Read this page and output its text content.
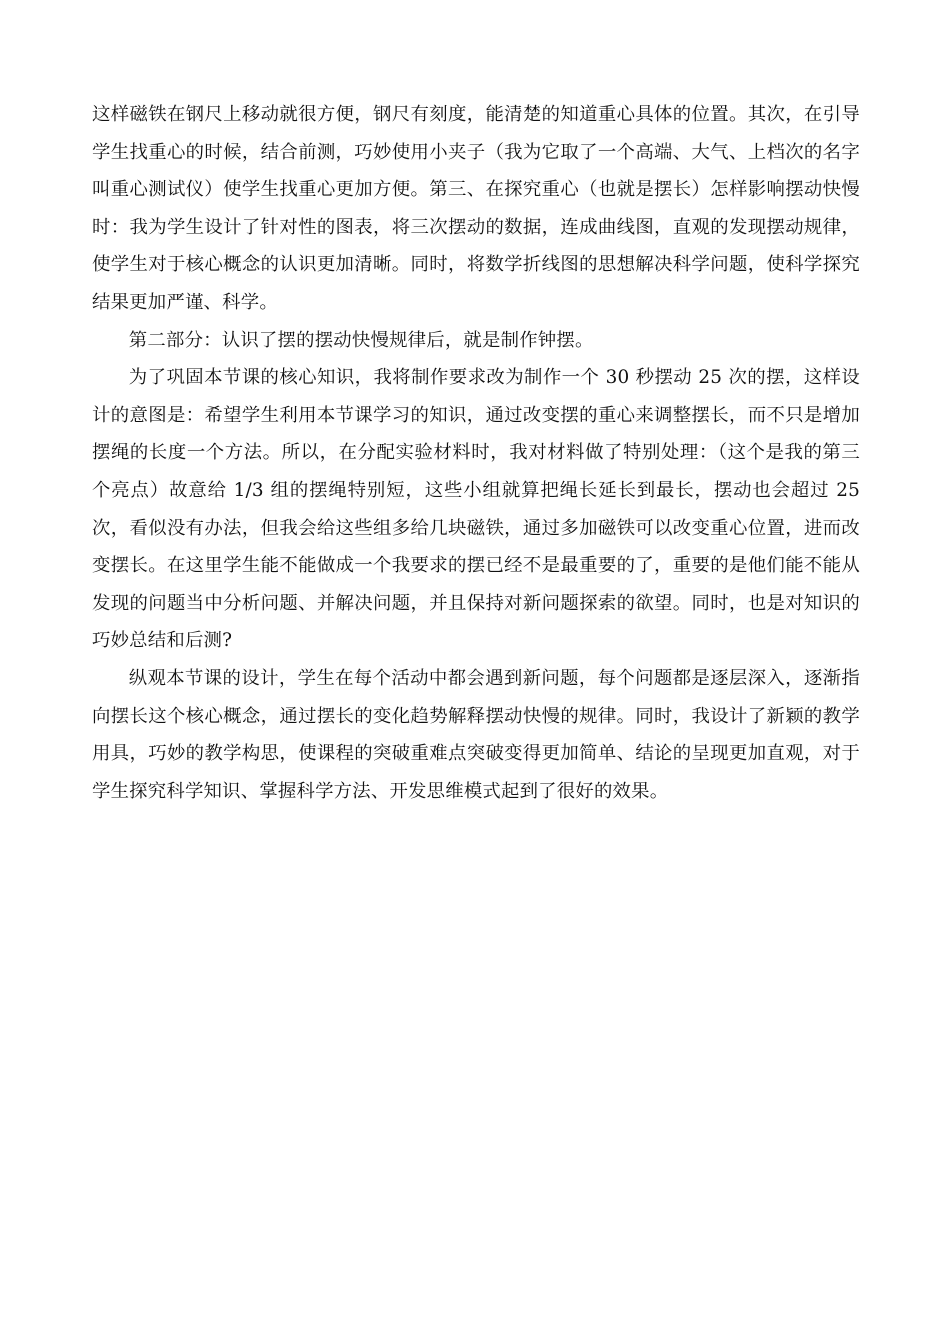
这样磁铁在钢尺上移动就很方便，钢尺有刻度，能清楚的知道重心具体的位置。其次，在引导学生找重心的时候，结合前测，巧妙使用小夹子（我为它取了一个高端、大气、上档次的名字叫重心测试仪）使学生找重心更加方便。第三、在探究重心（也就是摆长）怎样影响摆动快慢时：我为学生设计了针对性的图表，将三次摆动的数据，连成曲线图，直观的发现摆动规律，使学生对于核心概念的认识更加清晰。同时，将数学折线图的思想解决科学问题，使科学探究结果更加严谨、科学。

第二部分：认识了摆的摆动快慢规律后，就是制作钟摆。

为了巩固本节课的核心知识，我将制作要求改为制作一个 30 秒摆动 25 次的摆，这样设计的意图是：希望学生利用本节课学习的知识，通过改变摆的重心来调整摆长，而不只是增加摆绳的长度一个方法。所以，在分配实验材料时，我对材料做了特别处理：（这个是我的第三个亮点）故意给 1/3 组的摆绳特别短，这些小组就算把绳长延长到最长，摆动也会超过 25 次，看似没有办法，但我会给这些组多给几块磁铁，通过多加磁铁可以改变重心位置，进而改变摆长。在这里学生能不能做成一个我要求的摆已经不是最重要的了，重要的是他们能不能从发现的问题当中分析问题、并解决问题，并且保持对新问题探索的欲望。同时，也是对知识的巧妙总结和后测?

纵观本节课的设计，学生在每个活动中都会遇到新问题，每个问题都是逐层深入，逐渐指向摆长这个核心概念，通过摆长的变化趋势解释摆动快慢的规律。同时，我设计了新颖的教学用具，巧妙的教学构思，使课程的突破重难点突破变得更加简单、结论的呈现更加直观，对于学生探究科学知识、掌握科学方法、开发思维模式起到了很好的效果。
